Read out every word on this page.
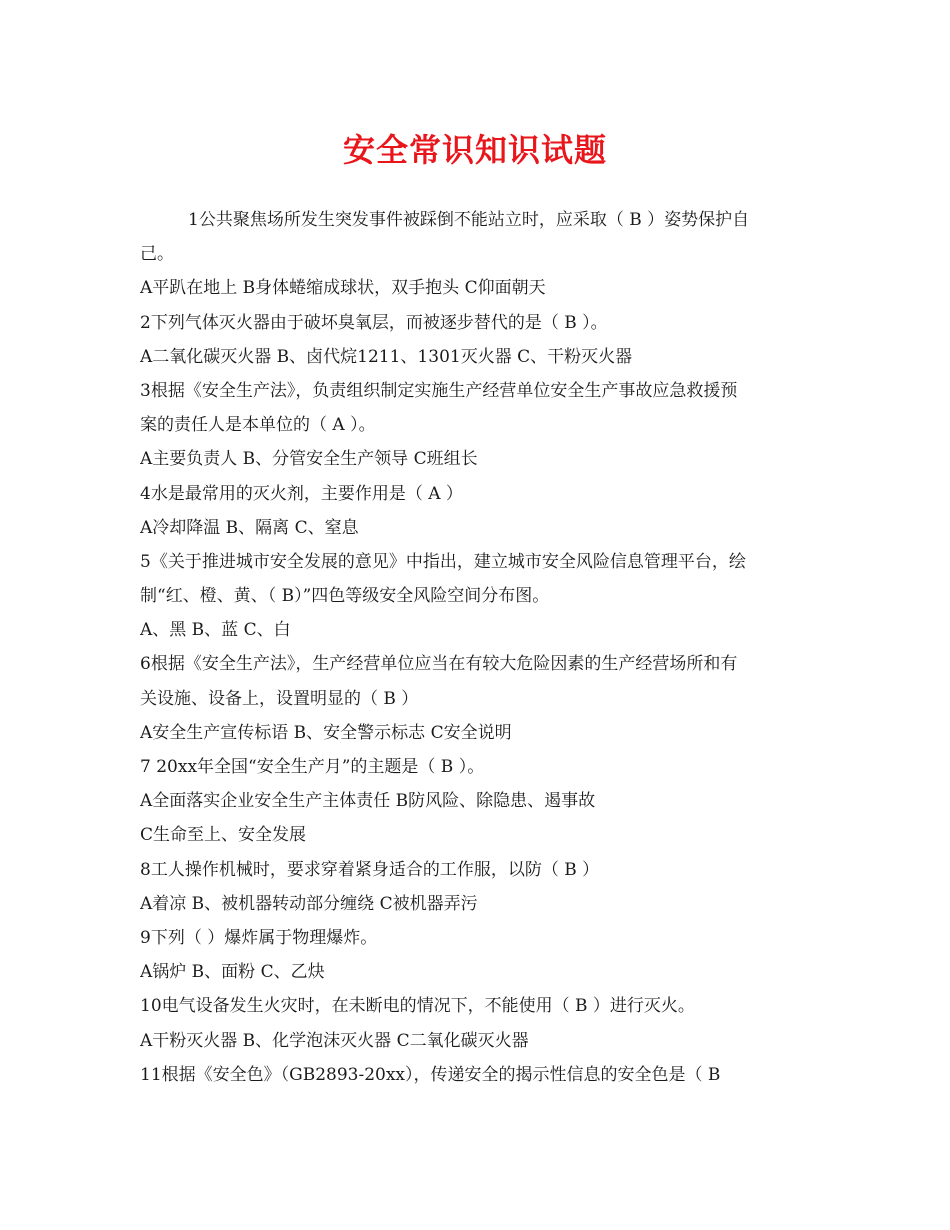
安全常识知识试题
1公共聚焦场所发生突发事件被踩倒不能站立时，应采取（ B ）姿势保护自
己。
A平趴在地上 B身体蜷缩成球状，双手抱头 C仰面朝天
2下列气体灭火器由于破坏臭氧层，而被逐步替代的是（ B ）。
A二氧化碳灭火器 B、卤代烷1211、1301灭火器 C、干粉灭火器
3根据《安全生产法》，负责组织制定实施生产经营单位安全生产事故应急救援预
案的责任人是本单位的（ A ）。
A主要负责人 B、分管安全生产领导 C班组长
4水是最常用的灭火剂，主要作用是（ A ）
A冷却降温 B、隔离 C、窒息
5《关于推进城市安全发展的意见》中指出，建立城市安全风险信息管理平台，绘
制“红、橙、黄、（ B）”四色等级安全风险空间分布图。
A、黑 B、蓝 C、白
6根据《安全生产法》，生产经营单位应当在有较大危险因素的生产经营场所和有
关设施、设备上，设置明显的（ B ）
A安全生产宣传标语 B、安全警示标志 C安全说明
7 20xx年全国“安全生产月”的主题是（ B ）。
A全面落实企业安全生产主体责任 B防风险、除隐患、遏事故
C生命至上、安全发展
8工人操作机械时，要求穿着紧身适合的工作服，以防（ B ）
A着凉 B、被机器转动部分缠绕 C被机器弄污
9下列（ ）爆炸属于物理爆炸。
A锅炉 B、面粉 C、乙炔
10电气设备发生火灾时，在未断电的情况下，不能使用（ B ）进行灭火。
A干粉灭火器 B、化学泡沫灭火器 C二氧化碳灭火器
11根据《安全色》（GB2893-20xx），传递安全的揭示性信息的安全色是（ B
